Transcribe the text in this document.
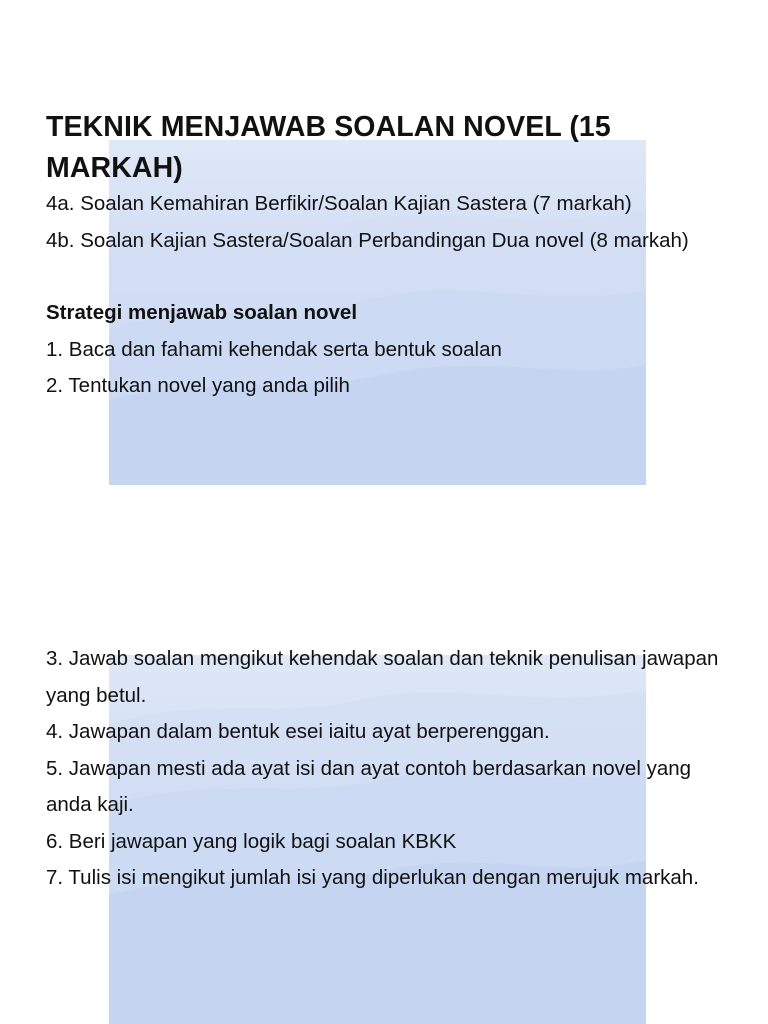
TEKNIK MENJAWAB SOALAN NOVEL (15 MARKAH)

4a. Soalan Kemahiran Berfikir/Soalan Kajian Sastera (7 markah)

4b. Soalan Kajian Sastera/Soalan Perbandingan Dua novel (8 markah)

Strategi menjawab soalan novel

1. Baca dan fahami kehendak serta bentuk soalan

2. Tentukan novel yang anda pilih

3. Jawab soalan mengikut kehendak soalan dan teknik penulisan jawapan yang betul.

4. Jawapan dalam bentuk esei iaitu ayat berperenggan.

5. Jawapan mesti ada ayat isi dan ayat contoh berdasarkan novel yang anda kaji.

6. Beri jawapan yang logik bagi soalan KBKK

7. Tulis isi mengikut jumlah isi yang diperlukan dengan merujuk markah.
